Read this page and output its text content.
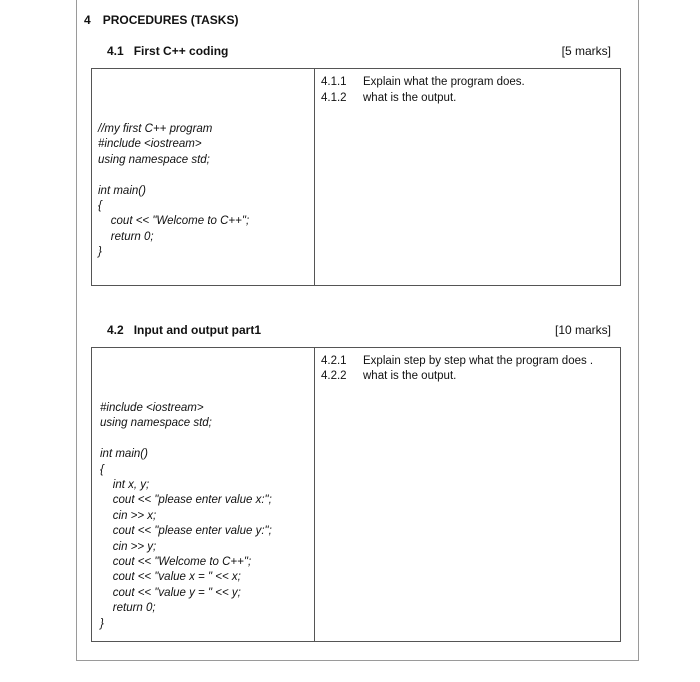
4 PROCEDURES (TASKS)
4.1 First C++ coding	[5 marks]
//my first C++ program
#include <iostream>
using namespace std;

int main()
{
cout << "Welcome to C++";
return 0;
}
4.1.1 Explain what the program does.
4.1.2 what is the output.
4.2 Input and output part1	[10 marks]
#include <iostream>
using namespace std;

int main()
{
int x, y;
cout << "please enter value x:";
cin >> x;
cout << "please enter value y:";
cin >> y;
cout << "Welcome to C++";
cout << "value x = " << x;
cout << "value y = " << y;
return 0;
}
4.2.1 Explain step by step what the program does .
4.2.2 what is the output.
